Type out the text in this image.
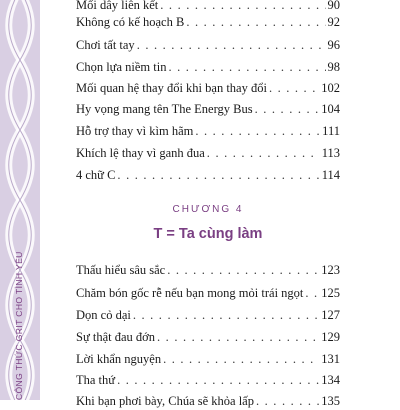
CÔNG THỨC GRIT CHO TÌNH YÊU
Mối dây liên kết . . .	90
Không có kế hoạch B . . .	92
Chơi tất tay . . .	96
Chọn lựa niềm tin . . .	98
Mối quan hệ thay đổi khi bạn thay đổi . . .	102
Hy vọng mang tên The Energy Bus . . .	104
Hỗ trợ thay vì kìm hãm . . .	111
Khích lệ thay vì ganh đua . . .	113
4 chữ C . . .	114
CHƯƠNG 4
T = Ta cùng làm
Thấu hiểu sâu sắc . . .	123
Chăm bón gốc rễ nếu bạn mong mỏi trái ngọt . . . 125
Dọn cỏ dại . . .	127
Sự thật đau đớn . . .	129
Lời khẩn nguyện . . .	131
Tha thứ . . .	134
Khi bạn phơi bày, Chúa sẽ khỏa lấp . . .	135
